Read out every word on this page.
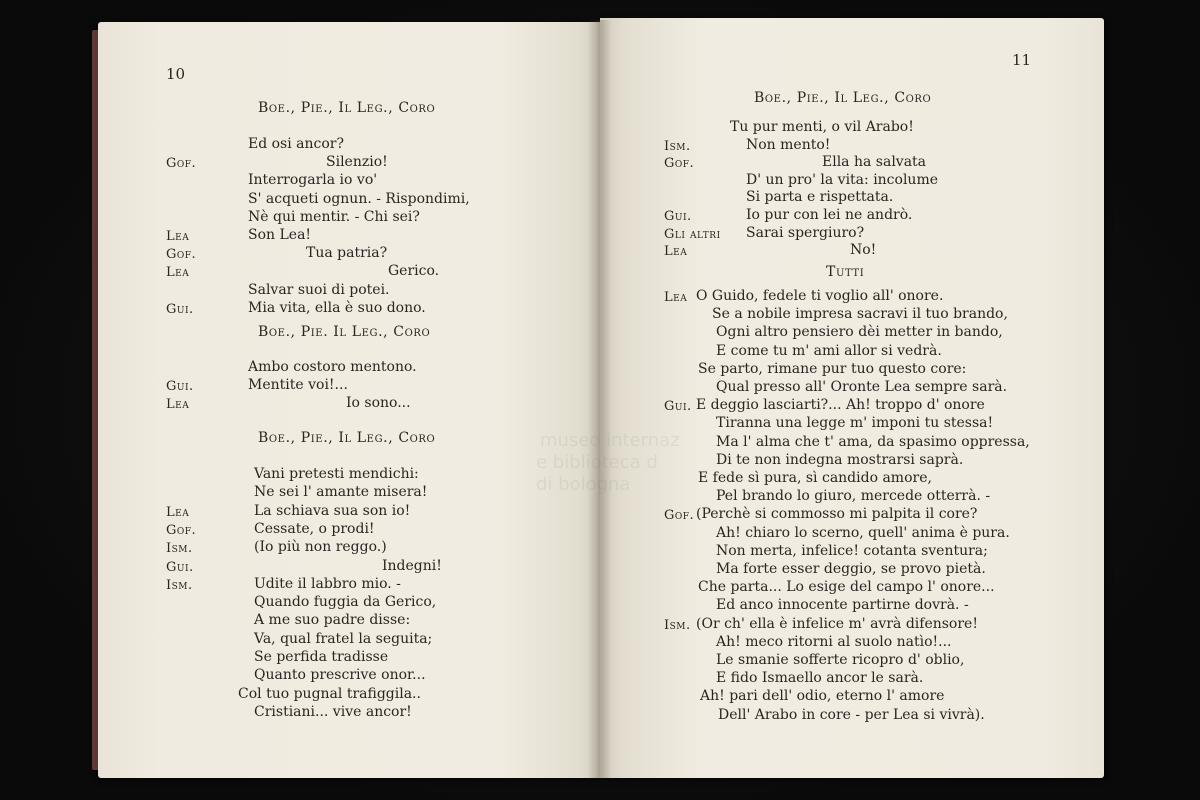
10
Boe., Pie., Il Leg., Coro
Ed osi ancor?
Gof.	Silenzio!
Interrogarla io vo'
S' acqueti ognun. - Rispondimi,
Nè qui mentir. - Chi sei?
Lea	Son Lea!
Gof.	Tua patria?
Lea	Gerico.
Salvar suoi di potei.
Gui.	Mia vita, ella è suo dono.
Boe., Pie. Il Leg., Coro
Ambo costoro mentono.
Gui.	Mentite voi!...
Lea	Io sono...
Boe., Pie., Il Leg., Coro
Vani pretesti mendichi:
Ne sei l' amante misera!
Lea	La schiava sua son io!
Gof.	Cessate, o prodi!
Ism.	(Io più non reggo.)
Gui.	Indegni!
Ism.	Udite il labbro mio. -
Quando fuggia da Gerico,
A me suo padre disse:
Va, qual fratel la seguita;
Se perfida tradisse
Quanto prescrive onor...
Col tuo pugnal trafiggila..
Cristiani... vive ancor!
11
Boe., Pie., Il Leg., Coro
Tu pur menti, o vil Arabo!
Ism.	Non mento!
Gof.	Ella ha salvata
D' un pro' la vita: incolume
Si parta e rispettata.
Gui.	Io pur con lei ne andrò.
Gli altri Sarai spergiuro?
Lea	No!
Tutti
Lea O Guido, fedele ti voglio all' onore.
Se a nobile impresa sacravi il tuo brando,
Ogni altro pensiero dèi metter in bando,
E come tu m' ami allor si vedrà.
Se parto, rimane pur tuo questo core:
Qual presso all' Oronte Lea sempre sarà.
Gui. E deggio lasciarti?... Ah! troppo d' onore
Tiranna una legge m' imponi tu stessa!
Ma l' alma che t' ama, da spasimo oppressa,
Di te non indegna mostrarsi saprà.
E fede sì pura, sì candido amore,
Pel brando lo giuro, mercede otterrà. -
Gof. (Perchè si commosso mi palpita il core?
Ah! chiaro lo scerno, quell' anima è pura.
Non merta, infelice! cotanta sventura;
Ma forte esser deggio, se provo pietà.
Che parta... Lo esige del campo l' onore...
Ed anco innocente partirne dovrà. -
Ism. (Or ch' ella è infelice m' avrà difensore!
Ah! meco ritorni al suolo natìo!...
Le smanie sofferte ricopro d' oblio,
E fido Ismaello ancor le sarà.
Ah! pari dell' odio, eterno l' amore
Dell' Arabo in core - per Lea si vivrà).
